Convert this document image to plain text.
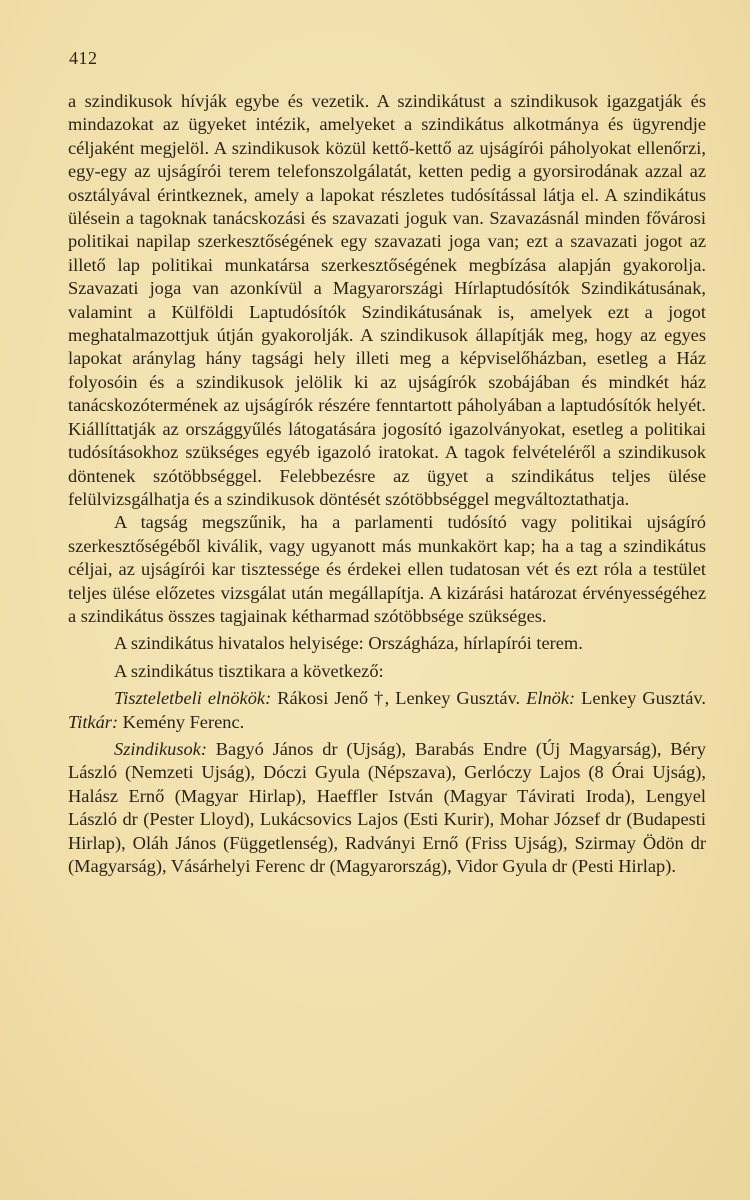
412

a szindikusok hívják egybe és vezetik. A szindikátust a szindikusok igazgatják és mindazokat az ügyeket intézik, amelyeket a szindikátus alkotmánya és ügyrendje céljaként megjelöl. A szindikusok közül kettő-kettő az ujságírói páholyokat ellenőrzi, egy-egy az ujságírói terem telefonszolgálatát, ketten pedig a gyorsirodának azzal az osztályával érintkeznek, amely a lapokat részletes tudósítással látja el. A szindikátus ülésein a tagoknak tanácskozási és szavazati joguk van. Szavazásnál minden fővárosi politikai napilap szerkesztőségének egy szavazati joga van; ezt a szavazati jogot az illető lap politikai munkatársa szerkesztőségének megbízása alapján gyakorolja. Szavazati joga van azonkívül a Magyarországi Hírlaptudósítók Szindikátusának, valamint a Külföldi Laptudósítók Szindikátusának is, amelyek ezt a jogot meghatalmazottjuk útján gyakorolják. A szindikusok állapítják meg, hogy az egyes lapokat aránylag hány tagsági hely illeti meg a képviselőházban, esetleg a Ház folyosóin és a szindikusok jelölik ki az ujságírók szobájában és mindkét ház tanácskozótermének az ujságírók részére fenntartott páholyában a laptudósítók helyét. Kiállíttatják az országgyűlés látogatására jogosító igazolványokat, esetleg a politikai tudósításokhoz szükséges egyéb igazoló iratokat. A tagok felvételéről a szindikusok döntenek szótöbbséggel. Felebbezésre az ügyet a szindikátus teljes ülése felülvizsgálhatja és a szindikusok döntését szótöbbséggel megváltoztathatja.

A tagság megszűnik, ha a parlamenti tudósító vagy politikai ujságíró szerkesztőségéből kiválik, vagy ugyanott más munkakört kap; ha a tag a szindikátus céljai, az ujságírói kar tisztessége és érdekei ellen tudatosan vét és ezt róla a testület teljes ülése előzetes vizsgálat után megállapítja. A kizárási határozat érvényességéhez a szindikátus összes tagjainak kétharmad szótöbbsége szükséges.

A szindikátus hivatalos helyisége: Országháza, hírlapírói terem.

A szindikátus tisztikara a következő:

Tiszteletbeli elnökök: Rákosi Jenő †, Lenkey Gusztáv. Elnök: Lenkey Gusztáv. Titkár: Kemény Ferenc.

Szindikusok: Bagyó János dr (Ujság), Barabás Endre (Új Magyarság), Béry László (Nemzeti Ujság), Dóczi Gyula (Népszava), Gerlóczy Lajos (8 Órai Ujság), Halász Ernő (Magyar Hirlap), Haeffler István (Magyar Távirati Iroda), Lengyel László dr (Pester Lloyd), Lukácsovics Lajos (Esti Kurir), Mohar József dr (Budapesti Hirlap), Oláh János (Függetlenség), Radványi Ernő (Friss Ujság), Szirmay Ödön dr (Magyarság), Vásárhelyi Ferenc dr (Magyarország), Vidor Gyula dr (Pesti Hirlap).
